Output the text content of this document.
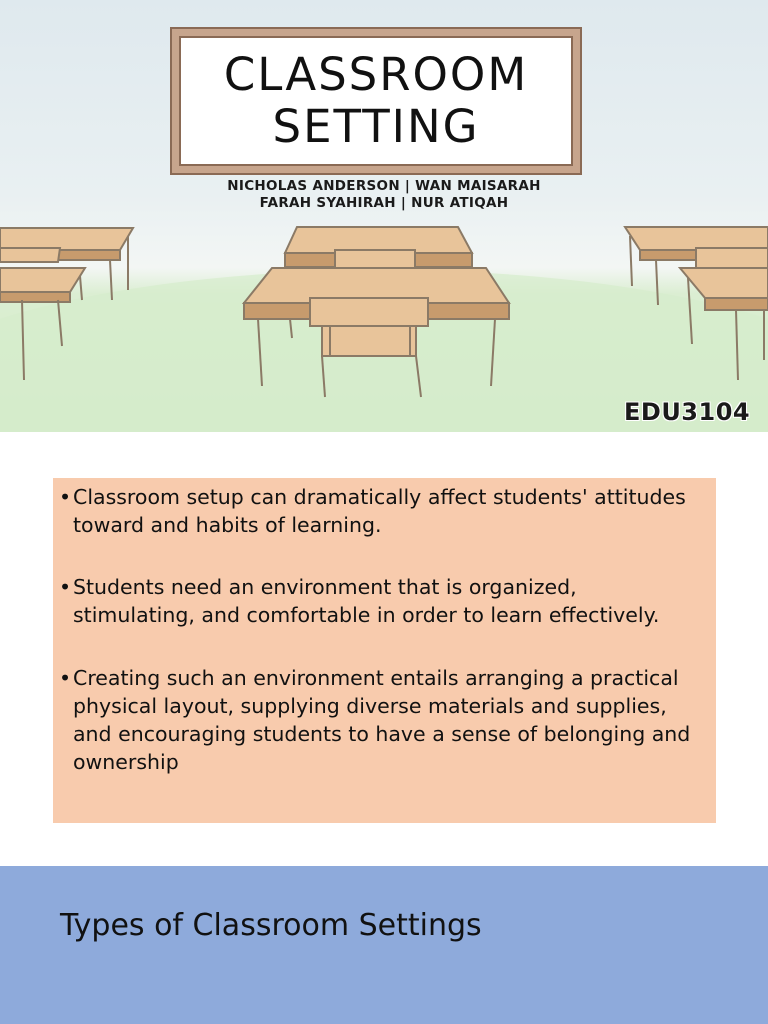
CLASSROOM
SETTING
NICHOLAS ANDERSON | WAN MAISARAH
FARAH SYAHIRAH | NUR ATIQAH
EDU3104
• Classroom setup can dramatically affect students' attitudes toward and habits of learning.
• Students need an environment that is organized, stimulating, and comfortable in order to learn effectively.
• Creating such an environment entails arranging a practical physical layout, supplying diverse materials and supplies, and encouraging students to have a sense of belonging and ownership
Types of Classroom Settings
